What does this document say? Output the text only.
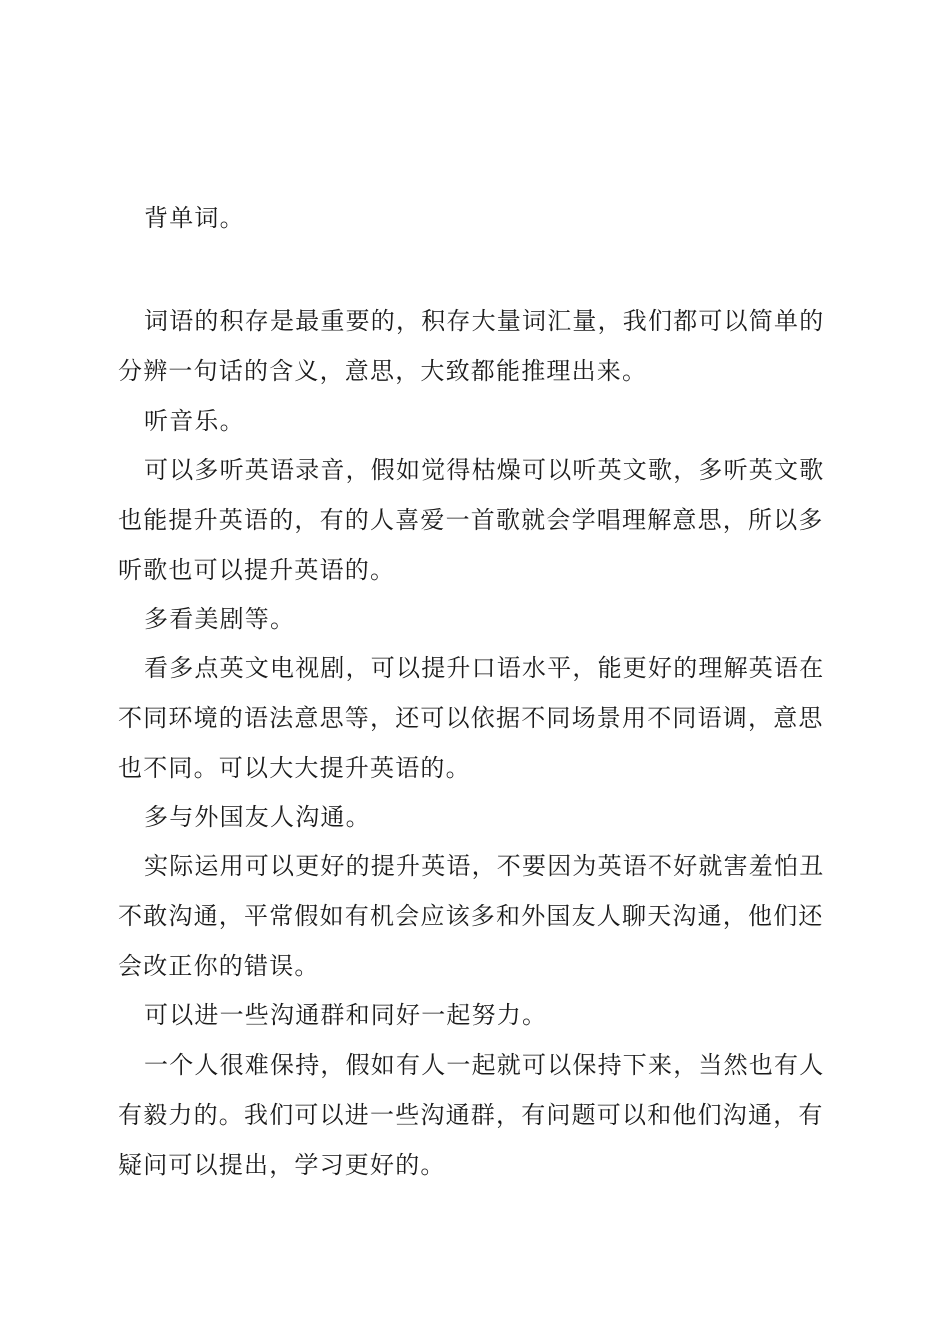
背单词。

词语的积存是最重要的，积存大量词汇量，我们都可以简单的分辨一句话的含义，意思，大致都能推理出来。

听音乐。

可以多听英语录音，假如觉得枯燥可以听英文歌，多听英文歌也能提升英语的，有的人喜爱一首歌就会学唱理解意思，所以多听歌也可以提升英语的。

多看美剧等。

看多点英文电视剧，可以提升口语水平，能更好的理解英语在不同环境的语法意思等，还可以依据不同场景用不同语调，意思也不同。可以大大提升英语的。

多与外国友人沟通。

实际运用可以更好的提升英语，不要因为英语不好就害羞怕丑不敢沟通，平常假如有机会应该多和外国友人聊天沟通，他们还会改正你的错误。

可以进一些沟通群和同好一起努力。

一个人很难保持，假如有人一起就可以保持下来，当然也有人有毅力的。我们可以进一些沟通群，有问题可以和他们沟通，有疑问可以提出，学习更好的。
